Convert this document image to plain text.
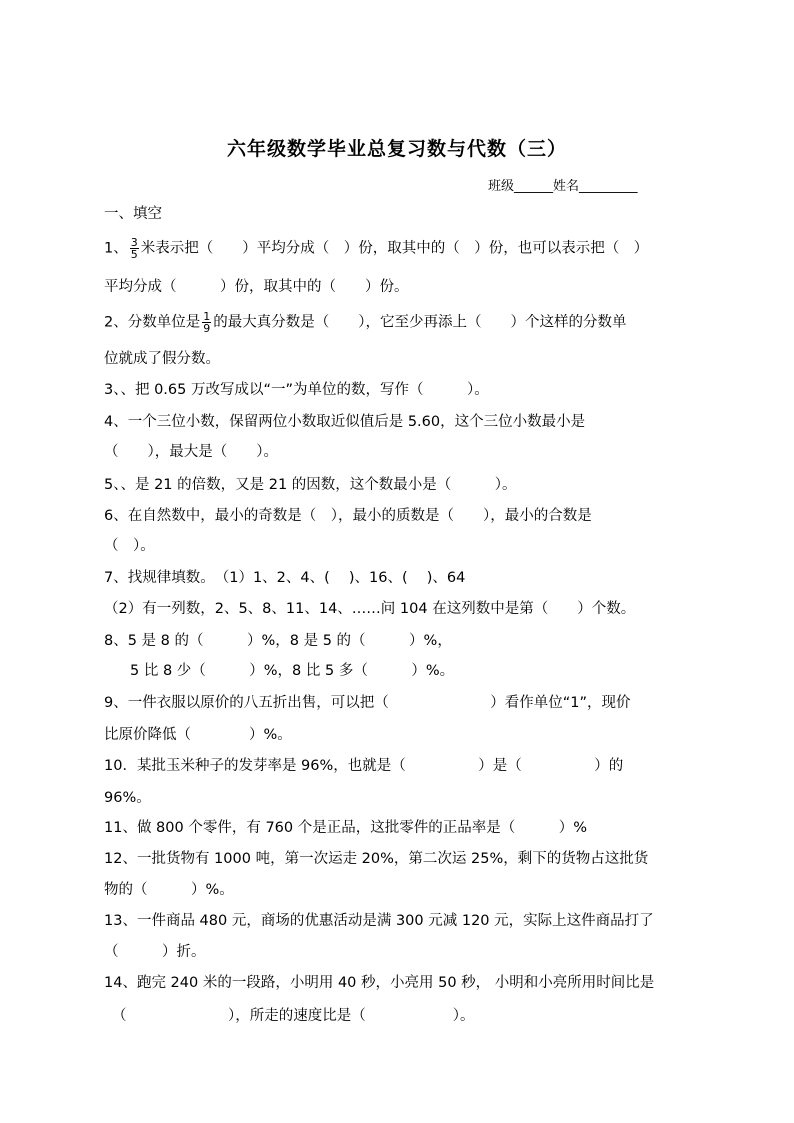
六年级数学毕业总复习数与代数（三）
班级______姓名_________
一、填空
1、 $\frac{3}{5}$ 米表示把（　　）平均分成（　）份，取其中的（　）份，也可以表示把（　）
平均分成（　　　）份，取其中的（　　）份。
2、分数单位是 $\frac{1}{9}$ 的最大真分数是（　　），它至少再添上（　　）个这样的分数单
位就成了假分数。
3、、把 0.65 万改写成以“一”为单位的数，写作（　　　）。
4、一个三位小数，保留两位小数取近似值后是 5.60，这个三位小数最小是
（　　），最大是（　　）。
5、、是 21 的倍数，又是 21 的因数，这个数最小是（　　　）。
6、在自然数中，最小的奇数是（　），最小的质数是（　　），最小的合数是
（　）。
7、找规律填数。　（1）1、2、4、(　 )、16、(　 )、64
（2）有一列数，2、5、8、11、14、……问 104 在这列数中是第（　　）个数。
8、5 是 8 的（　　　）%，8 是 5 的（　　　）%，
5 比 8 少（　　　）%，8 比 5 多（　　　）%。
9、一件衣服以原价的八五折出售，可以把（　　　　　　　）看作单位“1”，现价
比原价降低（　　　　）%。
10．某批玉米种子的发芽率是 96%，也就是（　　　　　）是（　　　　　）的
96%。
11、做 800 个零件，有 760 个是正品，这批零件的正品率是（　　　）%
12、一批货物有 1000 吨，第一次运走 20%，第二次运 25%，剩下的货物占这批货
物的（　　　）%。
13、一件商品 480 元，商场的优惠活动是满 300 元减 120 元，实际上这件商品打了
（　　　）折。
14、跑完 240 米的一段路，小明用 40 秒，小亮用 50 秒， 小明和小亮所用时间比是
（　　　　　　　），所走的速度比是（　　　　　　）。
